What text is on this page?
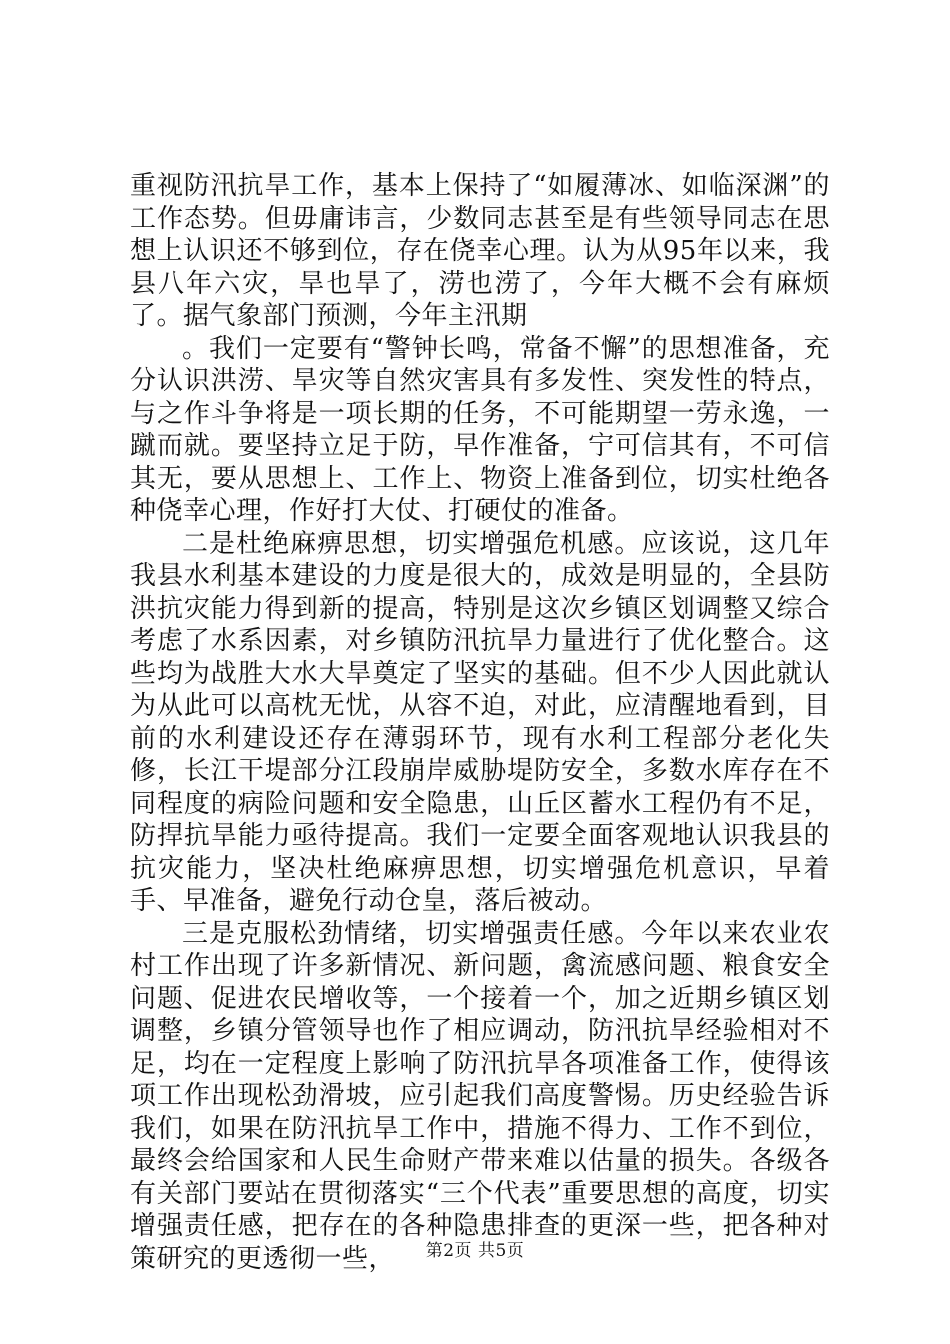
重视防汛抗旱工作，基本上保持了“如履薄冰、如临深渊”的工作态势。但毋庸讳言，少数同志甚至是有些领导同志在思想上认识还不够到位，存在侥幸心理。认为从95年以来，我县八年六灾，旱也旱了，涝也涝了，今年大概不会有麻烦了。据气象部门预测，今年主汛期

。我们一定要有“警钟长鸣，常备不懈”的思想准备，充分认识洪涝、旱灾等自然灾害具有多发性、突发性的特点，与之作斗争将是一项长期的任务，不可能期望一劳永逸，一蹴而就。要坚持立足于防，早作准备，宁可信其有，不可信其无，要从思想上、工作上、物资上准备到位，切实杜绝各种侥幸心理，作好打大仗、打硬仗的准备。

二是杜绝麻痹思想，切实增强危机感。应该说，这几年我县水利基本建设的力度是很大的，成效是明显的，全县防洪抗灾能力得到新的提高，特别是这次乡镇区划调整又综合考虑了水系因素，对乡镇防汛抗旱力量进行了优化整合。这些均为战胜大水大旱奠定了坚实的基础。但不少人因此就认为从此可以高枕无忧，从容不迫，对此，应清醒地看到，目前的水利建设还存在薄弱环节，现有水利工程部分老化失修，长江干堤部分江段崩岸威胁堤防安全，多数水库存在不同程度的病险问题和安全隐患，山丘区蓄水工程仍有不足，防捍抗旱能力亟待提高。我们一定要全面客观地认识我县的抗灾能力，坚决杜绝麻痹思想，切实增强危机意识，早着手、早准备，避免行动仓皇，落后被动。

三是克服松劲情绪，切实增强责任感。今年以来农业农村工作出现了许多新情况、新问题，禽流感问题、粮食安全问题、促进农民增收等，一个接着一个，加之近期乡镇区划调整，乡镇分管领导也作了相应调动，防汛抗旱经验相对不足，均在一定程度上影响了防汛抗旱各项准备工作，使得该项工作出现松劲滑坡，应引起我们高度警惕。历史经验告诉我们，如果在防汛抗旱工作中，措施不得力、工作不到位，最终会给国家和人民生命财产带来难以估量的损失。各级各有关部门要站在贯彻落实“三个代表”重要思想的高度，切实增强责任感，把存在的各种隐患排查的更深一些，把各种对策研究的更透彻一些，	第2页 共5页
